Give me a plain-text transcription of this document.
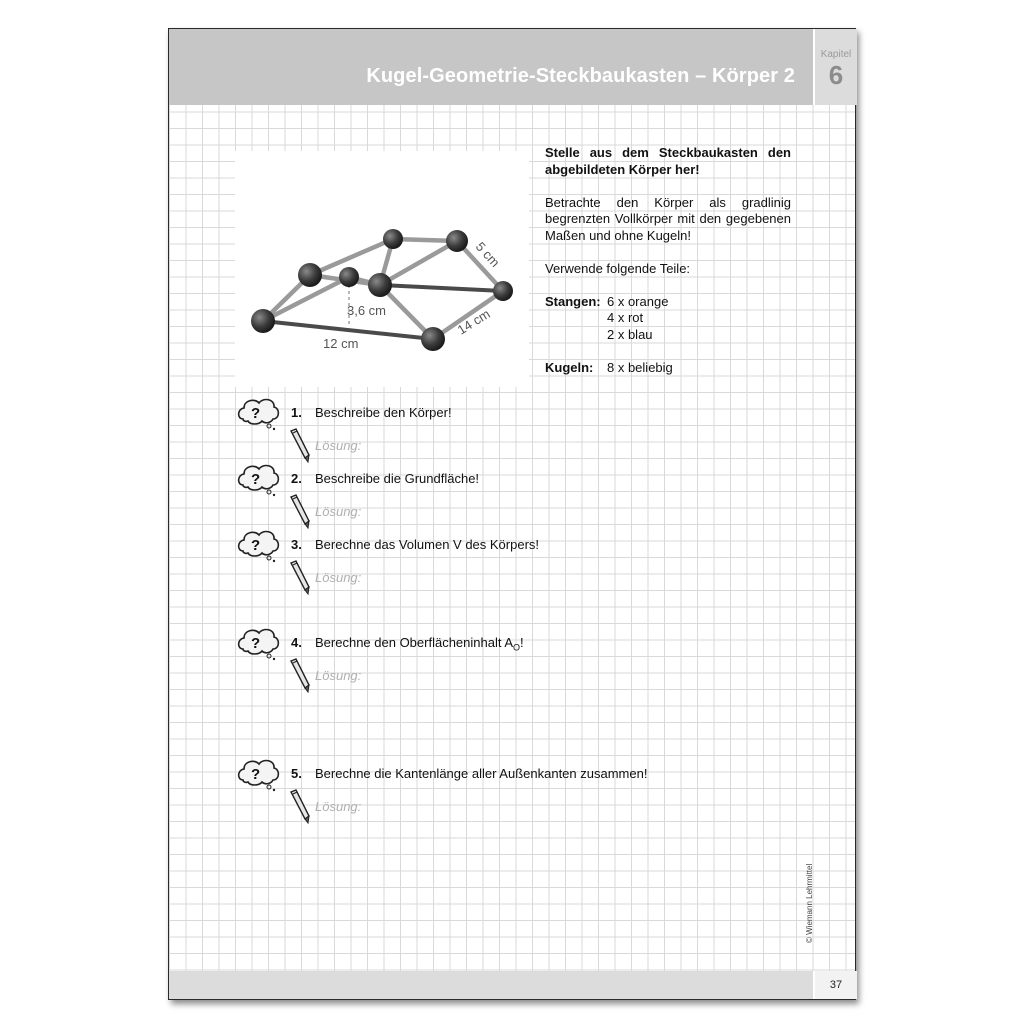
Kugel-Geometrie-Steckbaukasten – Körper 2
Kapitel
6
3,6 cm
12 cm
5 cm
14 cm

Stelle aus dem Steckbaukasten den
abgebildeten Körper her!

Betrachte den Körper als gradlinig begrenzten Vollkörper mit den gegebenen Maßen und ohne Kugeln!

Verwende folgende Teile:

Stangen: 6 x orange
4 x rot
2 x blau
Kugeln:	8 x beliebig
? 1. Beschreibe den Körper!
Lösung:
? 2. Beschreibe die Grundfläche!
Lösung:
? 3. Berechne das Volumen V des Körpers!
Lösung:
? 4. Berechne den Oberflächeninhalt $A_O$!
Lösung:
? 5. Berechne die Kantenlänge aller Außenkanten zusammen!
Lösung:
© Wiemann Lehrmittel
37
